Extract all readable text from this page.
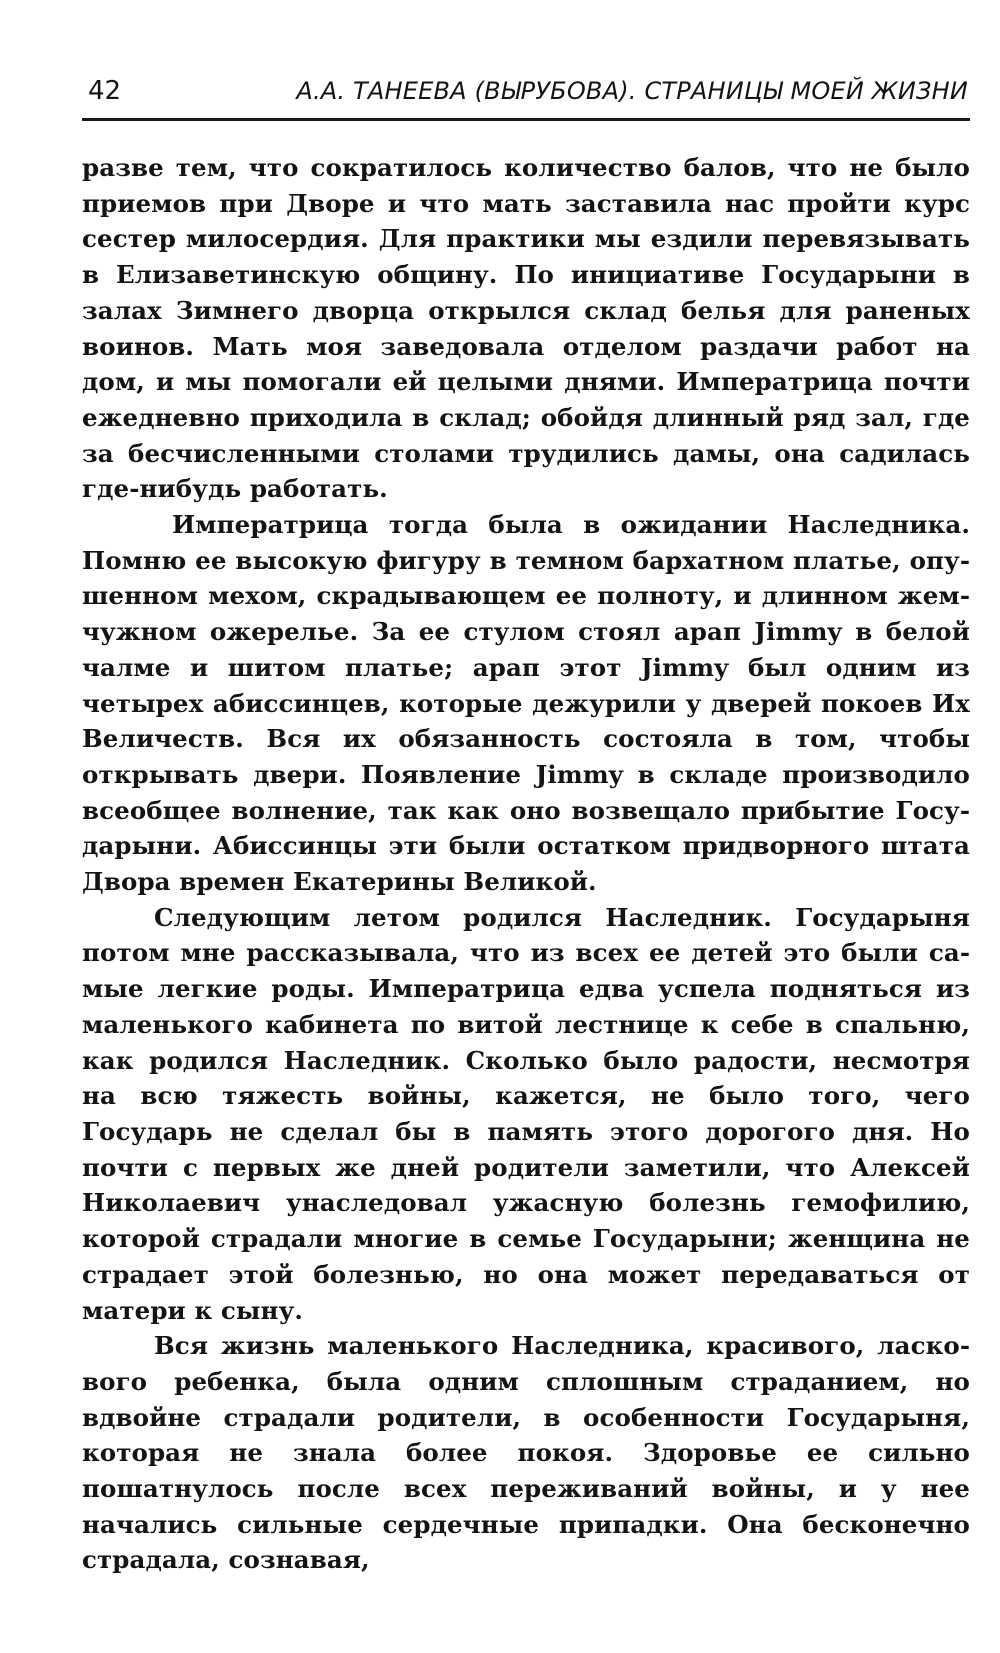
42	А.А. ТАНЕЕВА (ВЫРУБОВА). СТРАНИЦЫ МОЕЙ ЖИЗНИ

разве тем, что сократилось количество балов, что не было приемов при Дворе и что мать заставила нас пройти курс сестер милосердия. Для практики мы ездили перевязывать в Елизаветинскую общину. По инициативе Государыни в залах Зимнего дворца открылся склад белья для раненых воинов. Мать моя заведовала отделом раздачи работ на дом, и мы помогали ей целыми днями. Императрица почти ежедневно приходила в склад; обойдя длинный ряд зал, где за бесчисленными столами трудились дамы, она садилась где-нибудь работать.

Императрица тогда была в ожидании Наследника. Помню ее высокую фигуру в темном бархатном платье, опушенном мехом, скрадывающем ее полноту, и длинном жемчужном ожерелье. За ее стулом стоял арап Jimmy в белой чалме и шитом платье; арап этот Jimmy был одним из четырех абиссинцев, которые дежурили у дверей покоев Их Величеств. Вся их обязанность состояла в том, чтобы открывать двери. Появление Jimmy в складе производило всеобщее волнение, так как оно возвещало прибытие Государыни. Абиссинцы эти были остатком придворного штата Двора времен Екатерины Великой.

Следующим летом родился Наследник. Государыня потом мне рассказывала, что из всех ее детей это были самые легкие роды. Императрица едва успела подняться из маленького кабинета по витой лестнице к себе в спальню, как родился Наследник. Сколько было радости, несмотря на всю тяжесть войны, кажется, не было того, чего Государь не сделал бы в память этого дорогого дня. Но почти с первых же дней родители заметили, что Алексей Николаевич унаследовал ужасную болезнь гемофилию, которой страдали многие в семье Государыни; женщина не страдает этой болезнью, но она может передаваться от матери к сыну.

Вся жизнь маленького Наследника, красивого, ласкового ребенка, была одним сплошным страданием, но вдвойне страдали родители, в особенности Государыня, которая не знала более покоя. Здоровье ее сильно пошатнулось после всех переживаний войны, и у нее начались сильные сердечные припадки. Она бесконечно страдала, сознавая,
